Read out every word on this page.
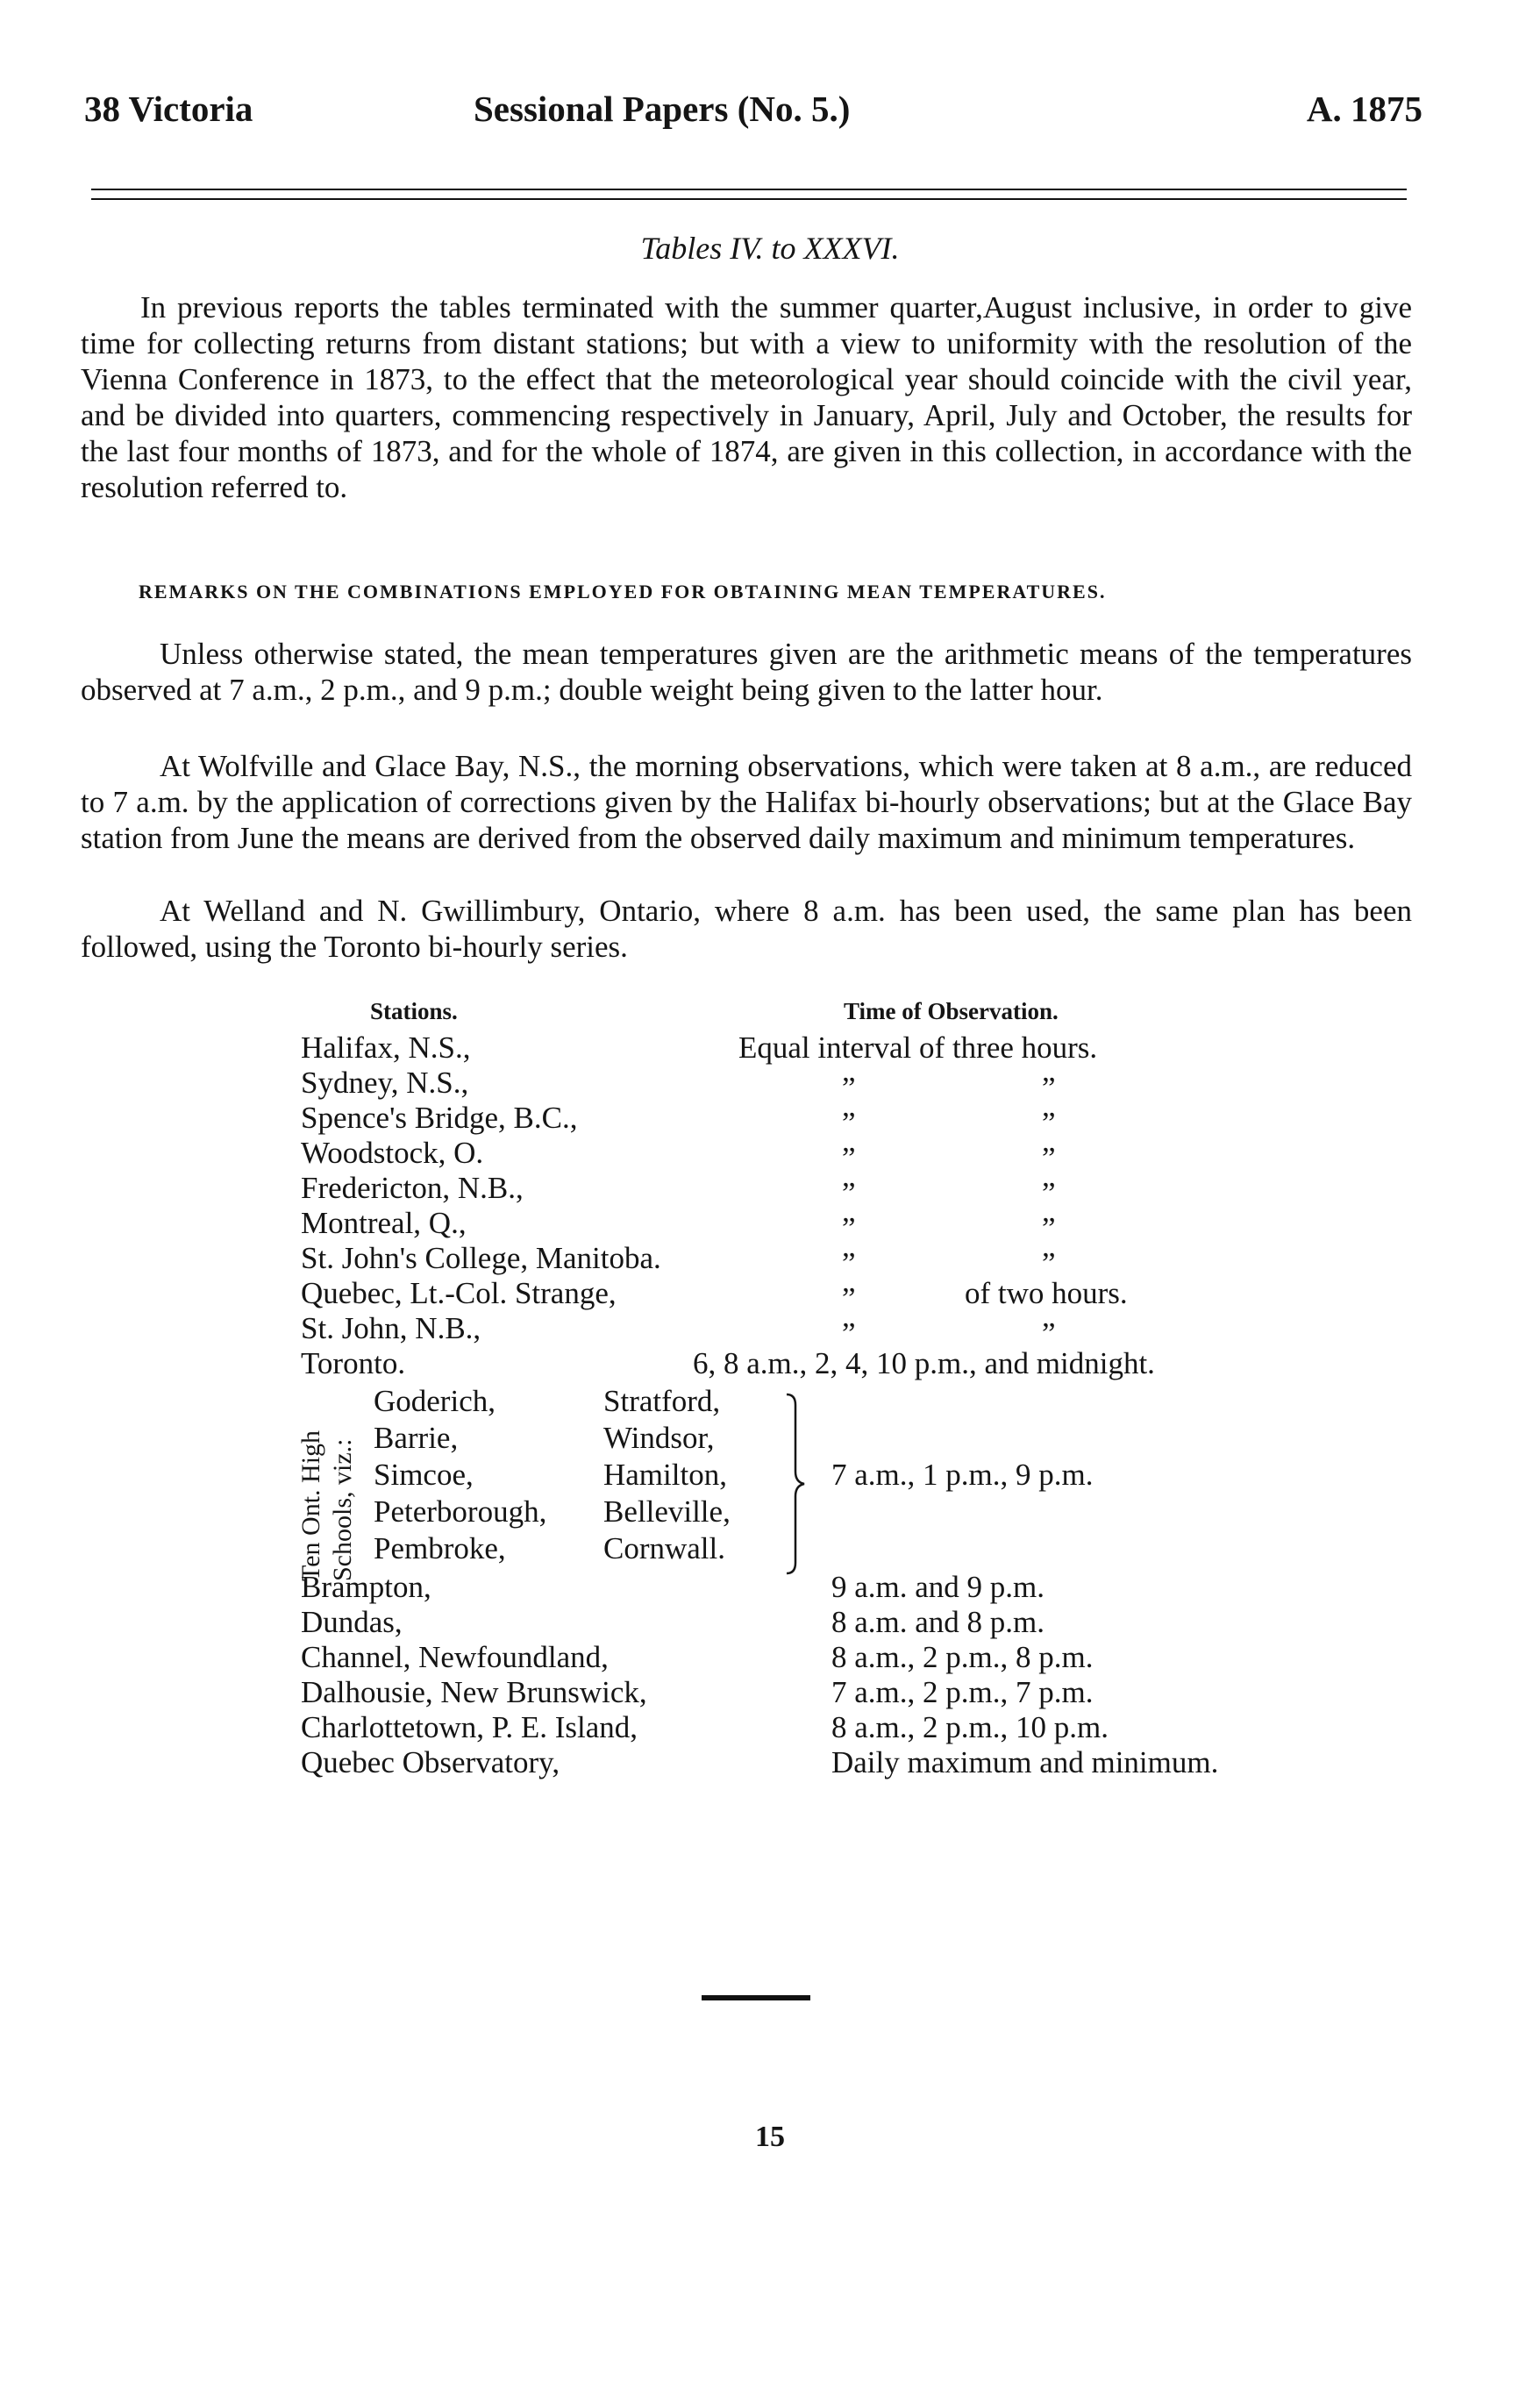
38 Victoria	Sessional Papers (No. 5.)	A. 1875
Tables IV. to XXXVI.
In previous reports the tables terminated with the summer quarter,August inclusive, in order to give time for collecting returns from distant stations; but with a view to uniformity with the resolution of the Vienna Conference in 1873, to the effect that the meteorological year should coincide with the civil year, and be divided into quarters, commencing respectively in January, April, July and October, the results for the last four months of 1873, and for the whole of 1874, are given in this collection, in accordance with the resolution referred to.
REMARKS ON THE COMBINATIONS EMPLOYED FOR OBTAINING MEAN TEMPERATURES.
Unless otherwise stated, the mean temperatures given are the arithmetic means of the temperatures observed at 7 a.m., 2 p.m., and 9 p.m.; double weight being given to the latter hour.
At Wolfville and Glace Bay, N.S., the morning observations, which were taken at 8 a.m., are reduced to 7 a.m. by the application of corrections given by the Halifax bi-hourly observations; but at the Glace Bay station from June the means are derived from the observed daily maximum and minimum temperatures.
At Welland and N. Gwillimbury, Ontario, where 8 a.m. has been used, the same plan has been followed, using the Toronto bi-hourly series.
Stations.	Time of Observation.
Halifax, N.S.,	Equal interval of three hours.
Sydney, N.S.,	”	”
Spence's Bridge, B.C.,	”	”
Woodstock, O.	”	”
Fredericton, N.B.,	”	”
Montreal, Q.,	”	”
St. John's College, Manitoba.	”	”
Quebec, Lt.-Col. Strange,	”	of two hours.
St. John, N.B.,	”	”
Toronto.	6, 8 a.m., 2, 4, 10 p.m., and midnight.
Ten Ont. High Schools, viz.:
Goderich,	Stratford,
Barrie,	Windsor,
Simcoe,	Hamilton,
Peterborough, Belleville,
Pembroke,	Cornwall.
7 a.m., 1 p.m., 9 p.m.
Brampton,	9 a.m. and 9 p.m.
Dundas,	8 a.m. and 8 p.m.
Channel, Newfoundland,	8 a.m., 2 p.m., 8 p.m.
Dalhousie, New Brunswick,	7 a.m., 2 p.m., 7 p.m.
Charlottetown, P. E. Island,	8 a.m., 2 p.m., 10 p.m.
Quebec Observatory,	Daily maximum and minimum.
15
